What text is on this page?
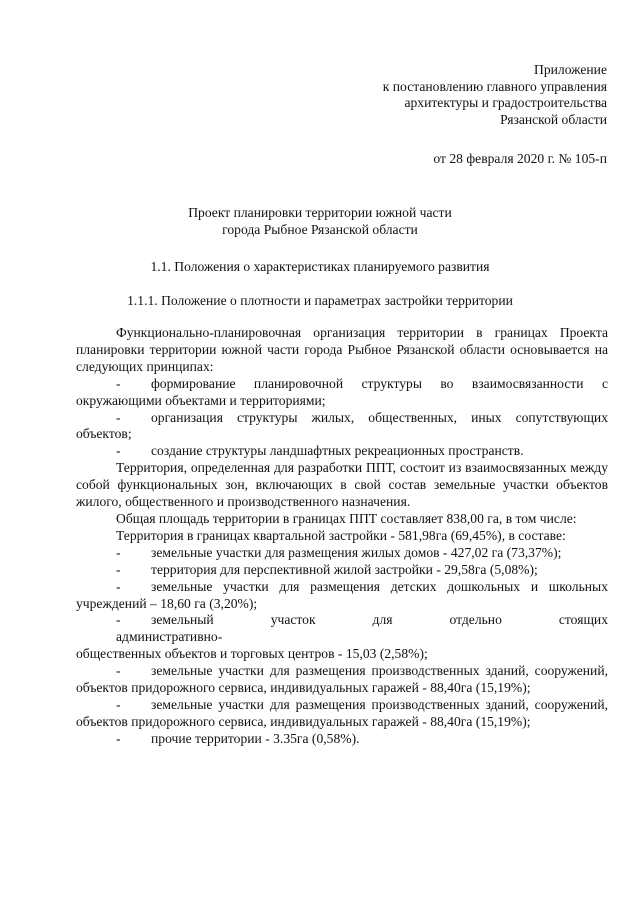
Приложение
к постановлению главного управления
архитектуры и градостроительства
Рязанской области
от 28 февраля 2020 г. № 105-п
Проект планировки территории южной части
города Рыбное Рязанской области
1.1. Положения о характеристиках планируемого развития
1.1.1. Положение о плотности и параметрах застройки территории

Функционально-планировочная организация территории в границах Проекта планировки территории южной части города Рыбное Рязанской области основывается на следующих принципах:

- формирование планировочной структуры во взаимосвязанности с окружающими объектами и территориями;

- организация структуры жилых, общественных, иных сопутствующих объектов;

- создание структуры ландшафтных рекреационных пространств.

Территория, определенная для разработки ППТ, состоит из взаимосвязанных между собой функциональных зон, включающих в свой состав земельные участки объектов жилого, общественного и производственного назначения.

Общая площадь территории в границах ППТ составляет 838,00 га, в том числе:

Территория в границах квартальной застройки - 581,98га (69,45%), в составе:

- земельные участки для размещения жилых домов - 427,02 га (73,37%);

- территория для перспективной жилой застройки - 29,58га (5,08%);

- земельные участки для размещения детских дошкольных и школьных учреждений – 18,60 га (3,20%);

- земельный участок для отдельно стоящих

административно-

общественных объектов и торговых центров - 15,03 (2,58%);

- земельные участки для размещения производственных зданий, сооружений, объектов придорожного сервиса, индивидуальных гаражей - 88,40га (15,19%);

- земельные участки для размещения производственных зданий, сооружений, объектов придорожного сервиса, индивидуальных гаражей - 88,40га (15,19%);

- прочие территории - 3.35га (0,58%).
